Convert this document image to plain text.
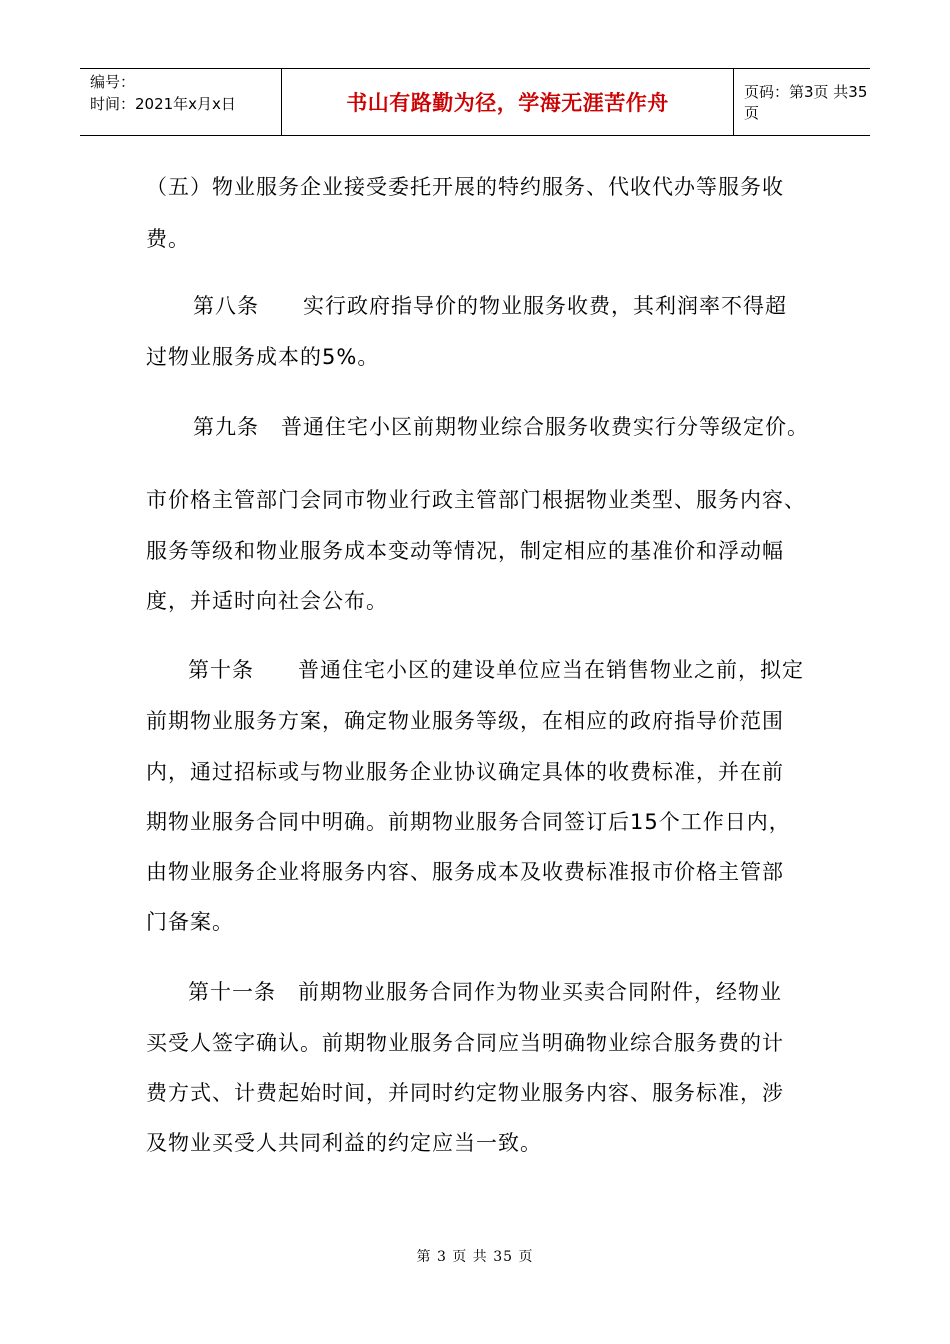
编号：
时间：2021年x月x日	书山有路勤为径，学海无涯苦作舟	页码：第3页 共35页
（五）物业服务企业接受委托开展的特约服务、代收代办等服务收
费。
第八条　　实行政府指导价的物业服务收费，其利润率不得超
过物业服务成本的5%。
第九条　普通住宅小区前期物业综合服务收费实行分等级定价。
市价格主管部门会同市物业行政主管部门根据物业类型、服务内容、
服务等级和物业服务成本变动等情况，制定相应的基准价和浮动幅
度，并适时向社会公布。
第十条　　普通住宅小区的建设单位应当在销售物业之前，拟定
前期物业服务方案，确定物业服务等级，在相应的政府指导价范围
内，通过招标或与物业服务企业协议确定具体的收费标准，并在前
期物业服务合同中明确。前期物业服务合同签订后15个工作日内，
由物业服务企业将服务内容、服务成本及收费标准报市价格主管部
门备案。
第十一条　前期物业服务合同作为物业买卖合同附件，经物业
买受人签字确认。前期物业服务合同应当明确物业综合服务费的计
费方式、计费起始时间，并同时约定物业服务内容、服务标准，涉
及物业买受人共同利益的约定应当一致。
第 3 页 共 35 页
